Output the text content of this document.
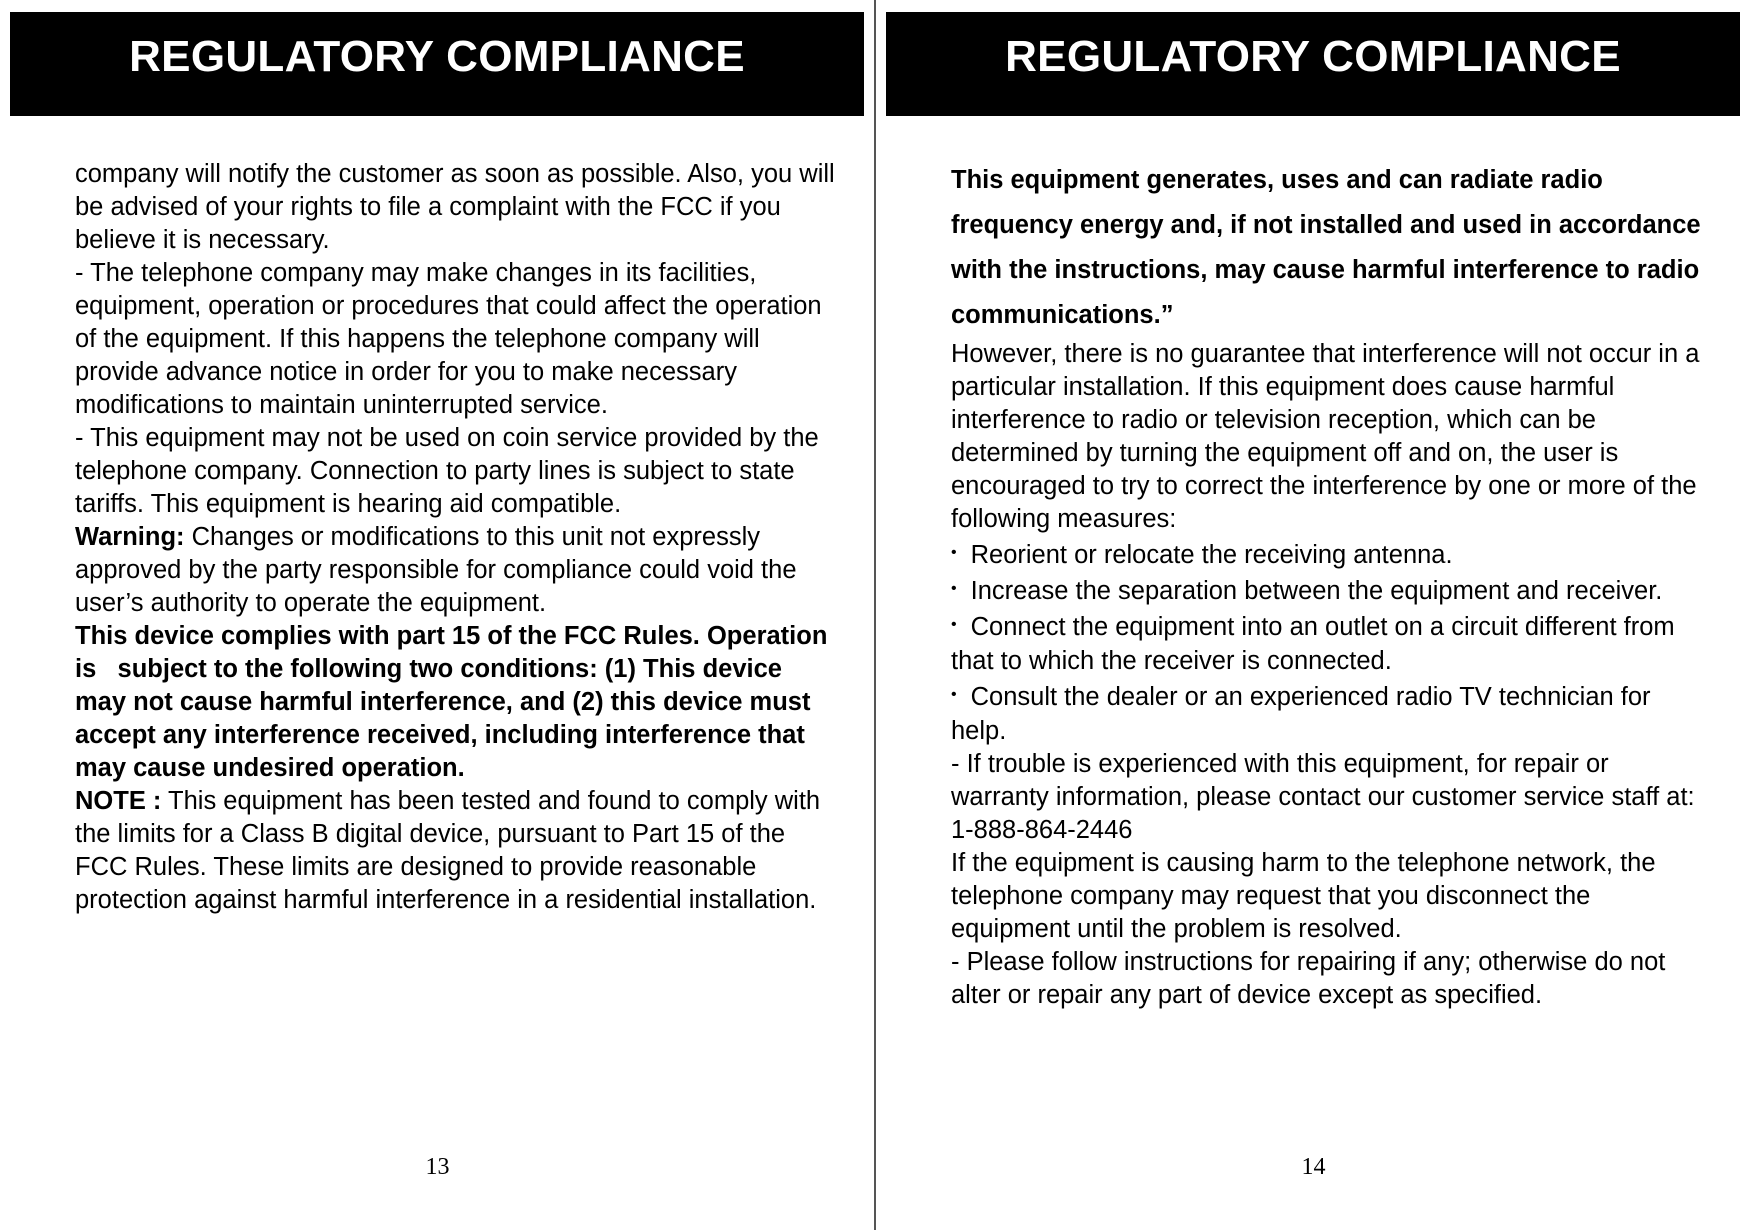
REGULATORY COMPLIANCE

company will notify the customer as soon as possible. Also, you will be advised of your rights to file a complaint with the FCC if you believe it is necessary.

- The telephone company may make changes in its facilities, equipment, operation or procedures that could affect the operation of the equipment. If this happens the telephone company will provide advance notice in order for you to make necessary modifications to maintain uninterrupted service.

- This equipment may not be used on coin service provided by the telephone company. Connection to party lines is subject to state tariffs. This equipment is hearing aid compatible.

Warning: Changes or modifications to this unit not expressly approved by the party responsible for compliance could void the user’s authority to operate the equipment.

This device complies with part 15 of the FCC Rules. Operation is   subject to the following two conditions: (1) This device may not cause harmful interference, and (2) this device must accept any interference received, including interference that may cause undesired operation.

NOTE : This equipment has been tested and found to comply with the limits for a Class B digital device, pursuant to Part 15 of the FCC Rules. These limits are designed to provide reasonable protection against harmful interference in a residential installation.

13
REGULATORY COMPLIANCE

This equipment generates, uses and can radiate radio frequency energy and, if not installed and used in accordance with the instructions, may cause harmful interference to radio communications.”

However, there is no guarantee that interference will not occur in a particular installation. If this equipment does cause harmful interference to radio or television reception, which can be determined by turning the equipment off and on, the user is encouraged to try to correct the interference by one or more of the following measures:

• Reorient or relocate the receiving antenna.

• Increase the separation between the equipment and receiver.

• Connect the equipment into an outlet on a circuit different from that to which the receiver is connected.

• Consult the dealer or an experienced radio TV technician for help.

- If trouble is experienced with this equipment, for repair or warranty information, please contact our customer service staff at: 1-888-864-2446

If the equipment is causing harm to the telephone network, the telephone company may request that you disconnect the equipment until the problem is resolved.

- Please follow instructions for repairing if any; otherwise do not alter or repair any part of device except as specified.

14
